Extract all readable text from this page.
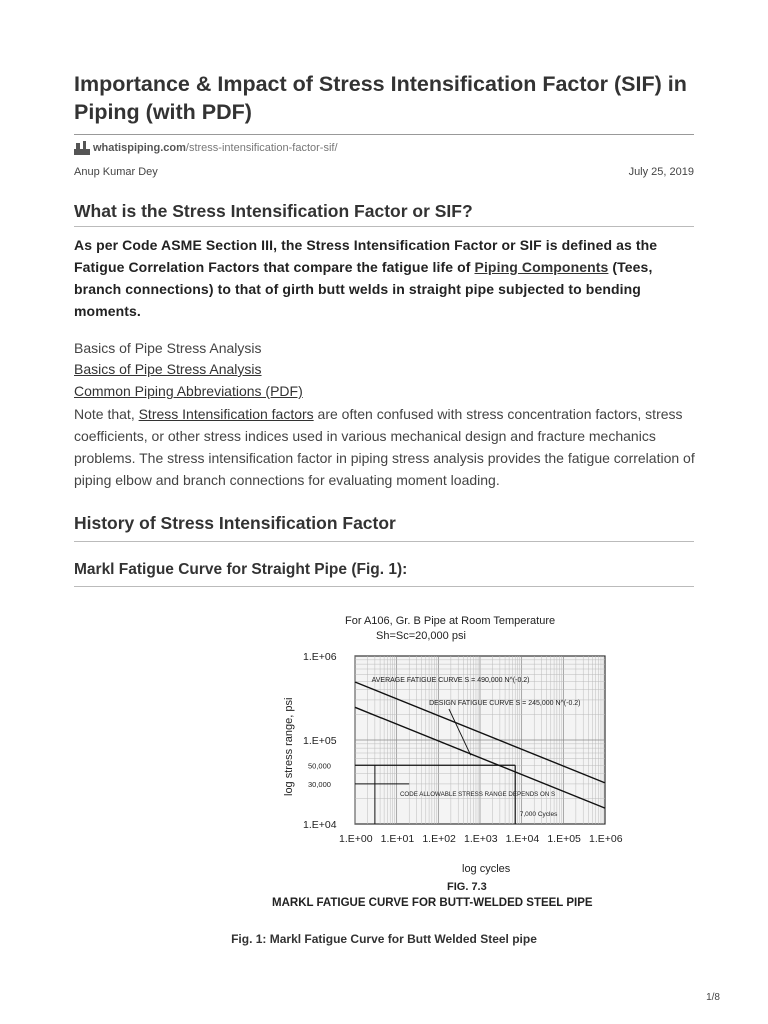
Importance & Impact of Stress Intensification Factor (SIF) in Piping (with PDF)
whatispiping.com /stress-intensification-factor-sif/
Anup Kumar Dey	July 25, 2019
What is the Stress Intensification Factor or SIF?

As per Code ASME Section III, the Stress Intensification Factor or SIF is defined as the Fatigue Correlation Factors that compare the fatigue life of Piping Components (Tees, branch connections) to that of girth butt welds in straight pipe subjected to bending moments.

Basics of Pipe Stress Analysis
Basics of Pipe Stress Analysis
Common Piping Abbreviations (PDF)

Note that, Stress Intensification factors are often confused with stress concentration factors, stress coefficients, or other stress indices used in various mechanical design and fracture mechanics problems. The stress intensification factor in piping stress analysis provides the fatigue correlation of piping elbow and branch connections for evaluating moment loading.

History of Stress Intensification Factor
Markl Fatigue Curve for Straight Pipe (Fig. 1):
For A106, Gr. B Pipe at Room Temperature
Sh=Sc=20,000 psi
1.E+00 1.E+01 1.E+02 1.E+03 1.E+04 1.E+05 1.E+06
1.E+04
1.E+05
1.E+06
50,000
30,000
AVERAGE FATIGUE CURVE S = 490,000 N^(-0.2)
DESIGN FATIGUE CURVE S = 245,000 N^(-0.2)
CODE ALLOWABLE STRESS RANGE DEPENDS ON S
7,000 Cycles
log stress range, psi
log cycles
FIG. 7.3
MARKL FATIGUE CURVE FOR BUTT-WELDED STEEL PIPE
Fig. 1: Markl Fatigue Curve for Butt Welded Steel pipe
1/8
